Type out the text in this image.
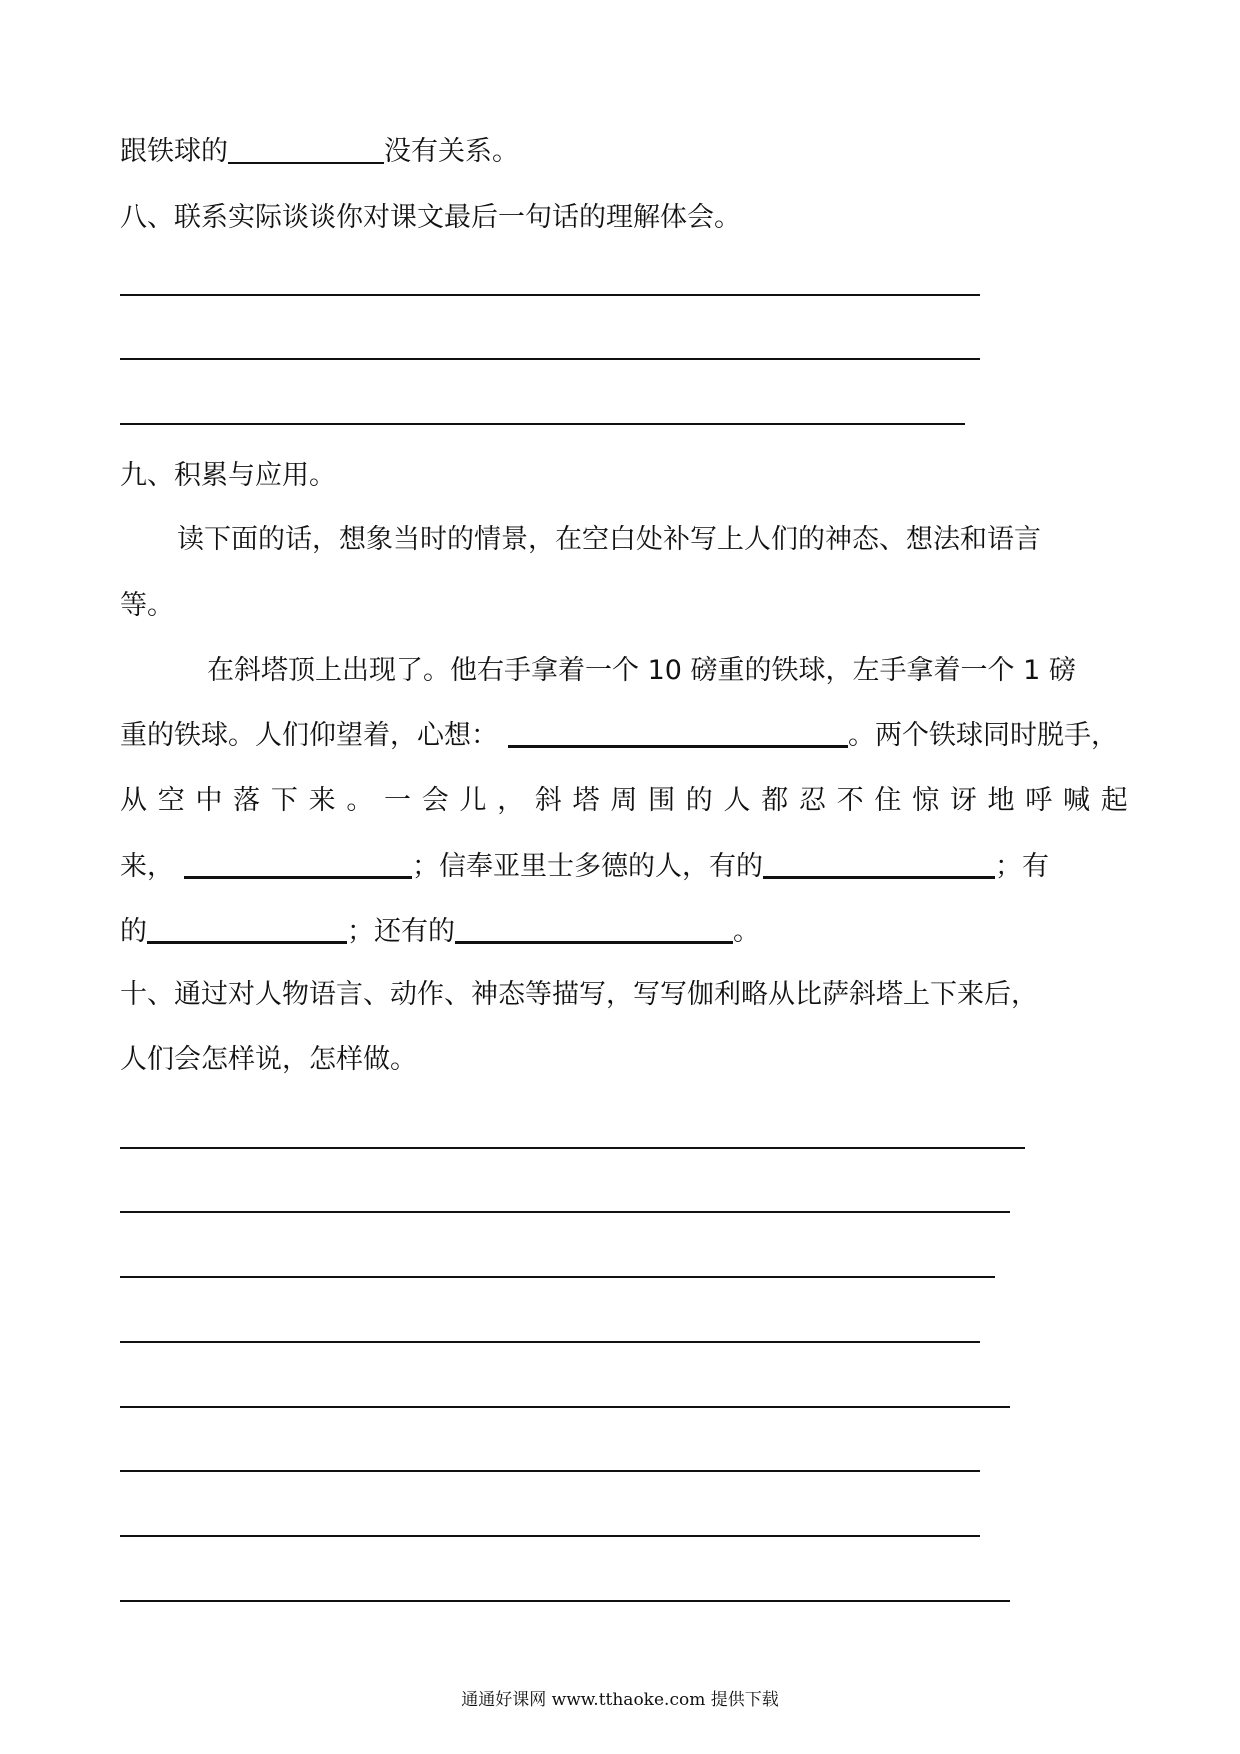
跟铁球的	没有关系。

八、联系实际谈谈你对课文最后一句话的理解体会。

九、积累与应用。

读下面的话，想象当时的情景，在空白处补写上人们的神态、想法和语言

等。

在斜塔顶上出现了。他右手拿着一个 10 磅重的铁球，左手拿着一个 1 磅

重的铁球。人们仰望着，心想：	。两个铁球同时脱手，

从 空 中 落 下 来 。 一 会 儿 ， 斜 塔 周 围 的 人 都 忍 不 住 惊 讶 地 呼 喊 起

来，	；信奉亚里士多德的人，有的	；有

的	；还有的	。

十、通过对人物语言、动作、神态等描写，写写伽利略从比萨斜塔上下来后，

人们会怎样说，怎样做。

通通好课网 www.tthaoke.com 提供下载
